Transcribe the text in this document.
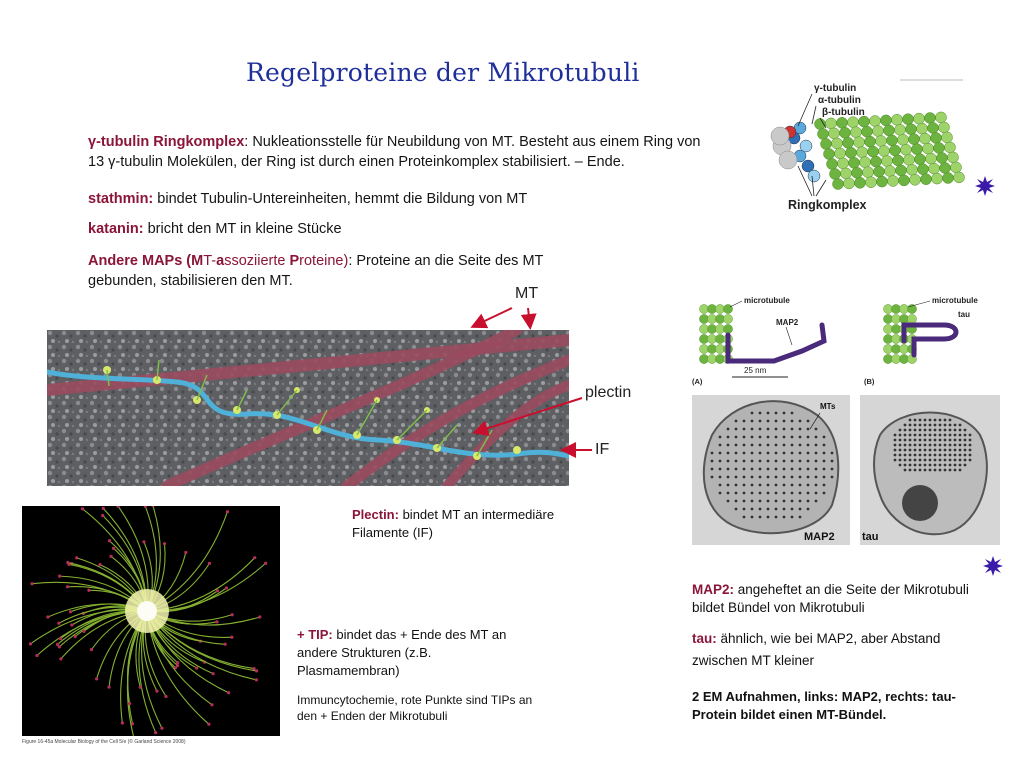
Regelproteine der Mikrotubuli
γ-tubulin Ringkomplex: Nukleationsstelle für Neubildung von MT. Besteht aus einem Ring von 13 γ-tubulin Molekülen, der Ring ist durch einen Proteinkomplex stabilisiert. – Ende.
stathmin: bindet Tubulin-Untereinheiten, hemmt die Bildung von MT
katanin: bricht den MT in kleine Stücke
Andere MAPs (MT-assoziierte Proteine): Proteine an die Seite des MT gebunden, stabilisieren den MT.
γ-tubulin
α-tubulin
β-tubulin
Ringkomplex
MT
plectin
IF
Plectin: bindet MT an intermediäre Filamente (IF)
Figure 16-45a Molecular Biology of the Cell 5/e (© Garland Science 2008)
+ TIP: bindet das + Ende des MT an andere Strukturen (z.B. Plasmamembran)
Immuncytochemie, rote Punkte sind TIPs an den + Enden der Mikrotubuli
25 nm
microtubule
MAP2
(A)
microtubule
tau
(B)
MTs
MAP2 tau
MAP2: angeheftet an die Seite der Mikrotubuli bildet Bündel von Mikrotubuli
tau: ähnlich, wie bei MAP2, aber Abstand zwischen MT kleiner
2 EM Aufnahmen, links: MAP2, rechts: tau-Protein bildet einen MT-Bündel.
